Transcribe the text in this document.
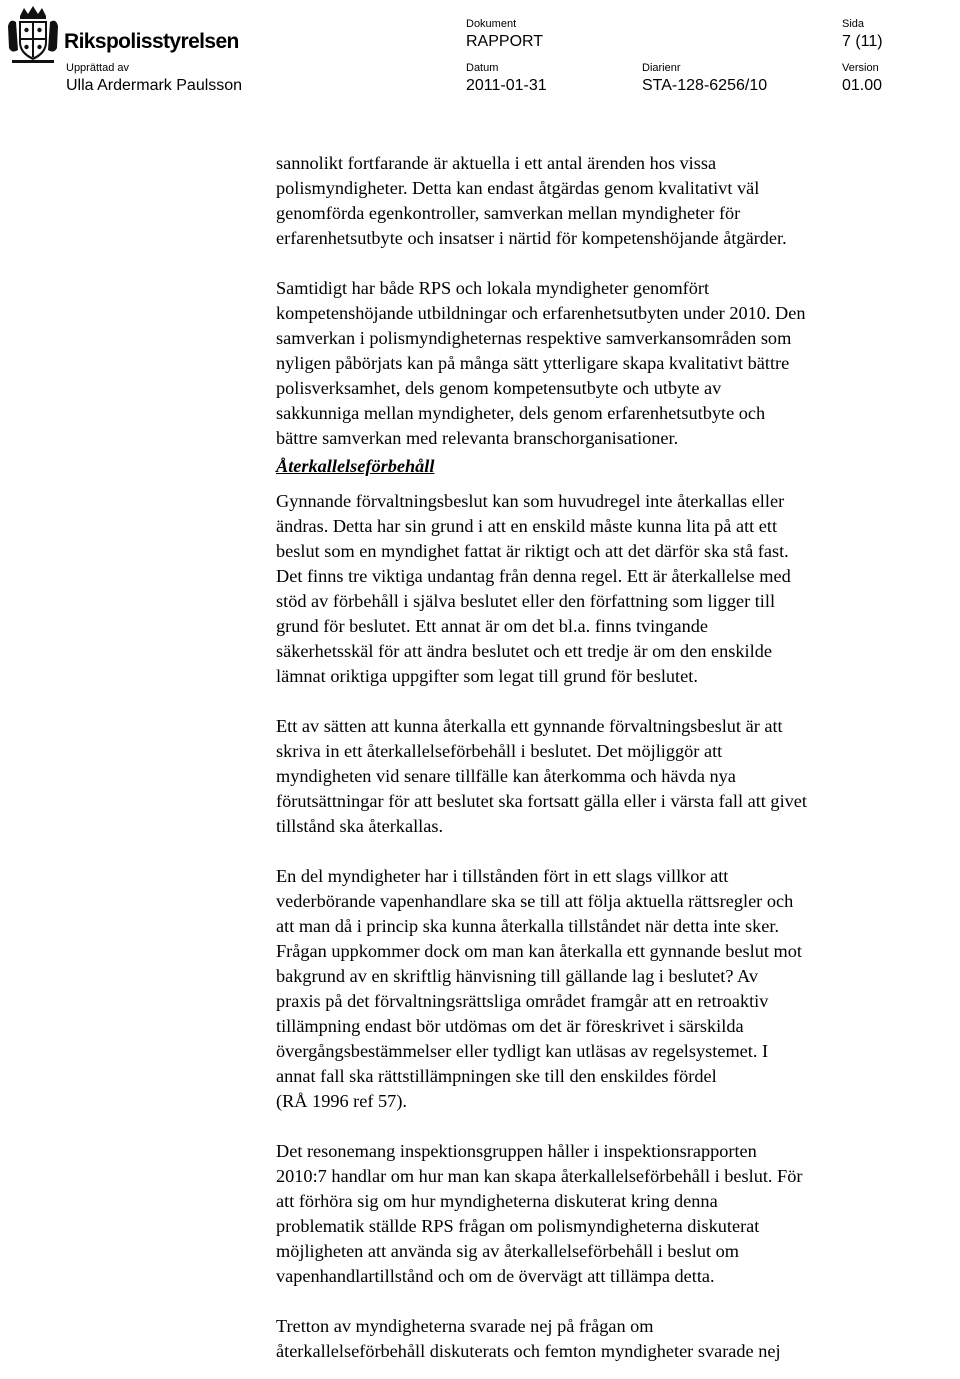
Rikspolisstyrelsen
Dokument
RAPPORT
Sida
7 (11)
Upprättad av
Ulla Ardermark Paulsson
Datum
2011-01-31
Diarienr
STA-128-6256/10
Version
01.00

sannolikt fortfarande är aktuella i ett antal ärenden hos vissa

polismyndigheter. Detta kan endast åtgärdas genom kvalitativt väl

genomförda egenkontroller, samverkan mellan myndigheter för

erfarenhetsutbyte och insatser i närtid för kompetenshöjande åtgärder.

Samtidigt har både RPS och lokala myndigheter genomfört

kompetenshöjande utbildningar och erfarenhetsutbyten under 2010. Den

samverkan i polismyndigheternas respektive samverkansområden som

nyligen påbörjats kan på många sätt ytterligare skapa kvalitativt bättre

polisverksamhet, dels genom kompetensutbyte och utbyte av

sakkunniga mellan myndigheter, dels genom erfarenhetsutbyte och

bättre samverkan med relevanta branschorganisationer.

Återkallelseförbehåll

Gynnande förvaltningsbeslut kan som huvudregel inte återkallas eller

ändras. Detta har sin grund i att en enskild måste kunna lita på att ett

beslut som en myndighet fattat är riktigt och att det därför ska stå fast.

Det finns tre viktiga undantag från denna regel. Ett är återkallelse med

stöd av förbehåll i själva beslutet eller den författning som ligger till

grund för beslutet. Ett annat är om det bl.a. finns tvingande

säkerhetsskäl för att ändra beslutet och ett tredje är om den enskilde

lämnat oriktiga uppgifter som legat till grund för beslutet.

Ett av sätten att kunna återkalla ett gynnande förvaltningsbeslut är att

skriva in ett återkallelseförbehåll i beslutet. Det möjliggör att

myndigheten vid senare tillfälle kan återkomma och hävda nya

förutsättningar för att beslutet ska fortsatt gälla eller i värsta fall att givet

tillstånd ska återkallas.

En del myndigheter har i tillstånden fört in ett slags villkor att

vederbörande vapenhandlare ska se till att följa aktuella rättsregler och

att man då i princip ska kunna återkalla tillståndet när detta inte sker.

Frågan uppkommer dock om man kan återkalla ett gynnande beslut mot

bakgrund av en skriftlig hänvisning till gällande lag i beslutet? Av

praxis på det förvaltningsrättsliga området framgår att en retroaktiv

tillämpning endast bör utdömas om det är föreskrivet i särskilda

övergångsbestämmelser eller tydligt kan utläsas av regelsystemet. I

annat fall ska rättstillämpningen ske till den enskildes fördel

(RÅ 1996 ref 57).

Det resonemang inspektionsgruppen håller i inspektionsrapporten

2010:7 handlar om hur man kan skapa återkallelseförbehåll i beslut. För

att förhöra sig om hur myndigheterna diskuterat kring denna

problematik ställde RPS frågan om polismyndigheterna diskuterat

möjligheten att använda sig av återkallelseförbehåll i beslut om

vapenhandlartillstånd och om de övervägt att tillämpa detta.

Tretton av myndigheterna svarade nej på frågan om

återkallelseförbehåll diskuterats och femton myndigheter svarade nej
